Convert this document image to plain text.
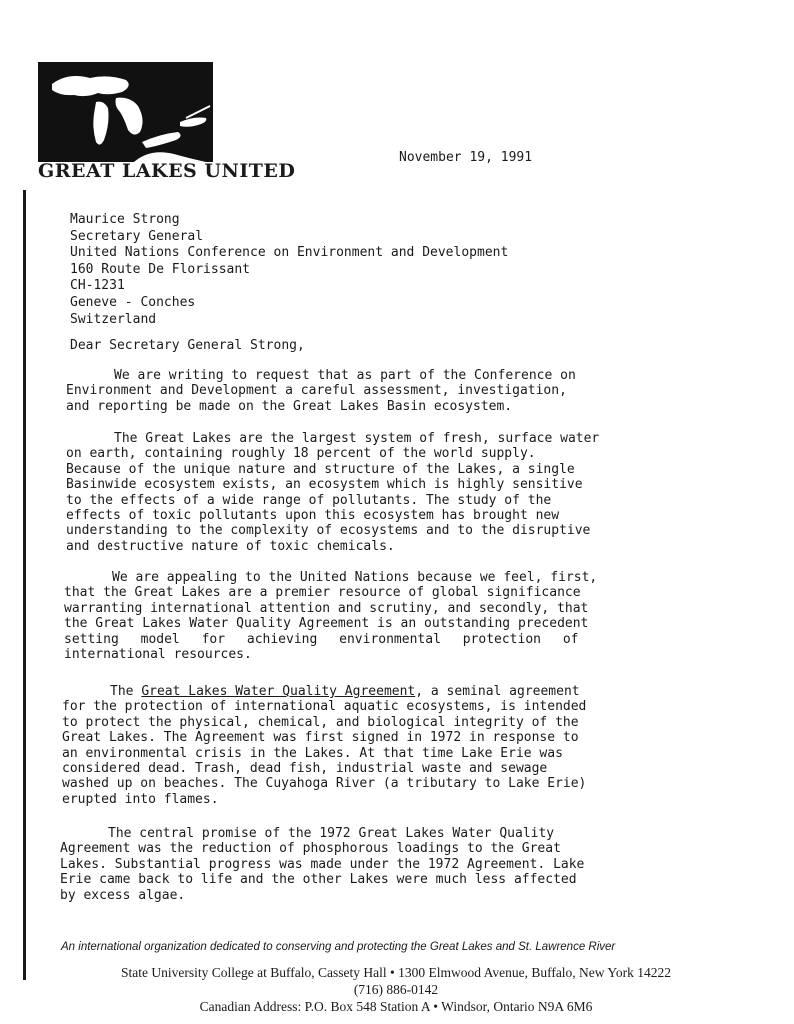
GREAT LAKES UNITED
November 19, 1991
Maurice Strong
Secretary General
United Nations Conference on Environment and Development
160 Route De Florissant
CH-1231
Geneve - Conches
Switzerland
Dear Secretary General Strong,
We are writing to request that as part of the Conference on
Environment and Development a careful assessment, investigation,
and reporting be made on the Great Lakes Basin ecosystem.
The Great Lakes are the largest system of fresh, surface water
on earth, containing roughly 18 percent of the world supply.
Because of the unique nature and structure of the Lakes, a single
Basinwide ecosystem exists, an ecosystem which is highly sensitive
to the effects of a wide range of pollutants. The study of the
effects of toxic pollutants upon this ecosystem has brought new
understanding to the complexity of ecosystems and to the disruptive
and destructive nature of toxic chemicals.
We are appealing to the United Nations because we feel, first,
that the Great Lakes are a premier resource of global significance
warranting international attention and scrutiny, and secondly, that
the Great Lakes Water Quality Agreement is an outstanding precedent
setting model for achieving environmental protection of
international resources.
The Great Lakes Water Quality Agreement, a seminal agreement
for the protection of international aquatic ecosystems, is intended
to protect the physical, chemical, and biological integrity of the
Great Lakes. The Agreement was first signed in 1972 in response to
an environmental crisis in the Lakes. At that time Lake Erie was
considered dead. Trash, dead fish, industrial waste and sewage
washed up on beaches. The Cuyahoga River (a tributary to Lake Erie)
erupted into flames.
The central promise of the 1972 Great Lakes Water Quality
Agreement was the reduction of phosphorous loadings to the Great
Lakes. Substantial progress was made under the 1972 Agreement. Lake
Erie came back to life and the other Lakes were much less affected
by excess algae.
An international organization dedicated to conserving and protecting the Great Lakes and St. Lawrence River
State University College at Buffalo, Cassety Hall • 1300 Elmwood Avenue, Buffalo, New York 14222
(716) 886-0142
Canadian Address: P.O. Box 548 Station A • Windsor, Ontario N9A 6M6
